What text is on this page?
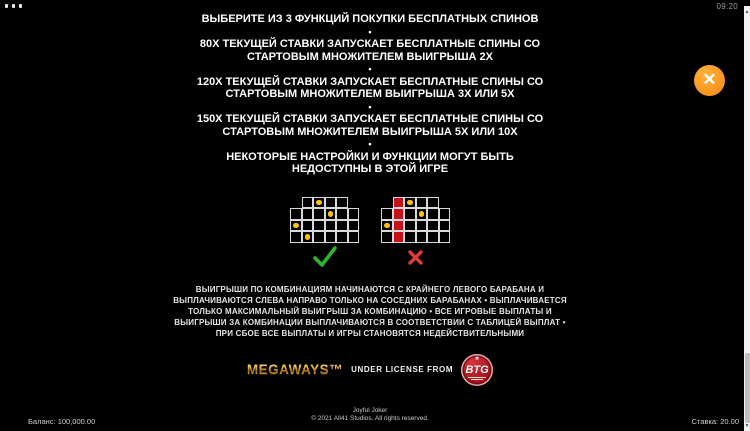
09:20
✕
▲
▼
ВЫБЕРИТЕ ИЗ 3 ФУНКЦИЙ ПОКУПКИ БЕСПЛАТНЫХ СПИНОВ
•
80X ТЕКУЩЕЙ СТАВКИ ЗАПУСКАЕТ БЕСПЛАТНЫЕ СПИНЫ СО
СТАРТОВЫМ МНОЖИТЕЛЕМ ВЫИГРЫША 2X
•
120X ТЕКУЩЕЙ СТАВКИ ЗАПУСКАЕТ БЕСПЛАТНЫЕ СПИНЫ СО
СТАРТОВЫМ МНОЖИТЕЛЕМ ВЫИГРЫША 3X ИЛИ 5X
•
150X ТЕКУЩЕЙ СТАВКИ ЗАПУСКАЕТ БЕСПЛАТНЫЕ СПИНЫ СО
СТАРТОВЫМ МНОЖИТЕЛЕМ ВЫИГРЫША 5X ИЛИ 10X
•
НЕКОТОРЫЕ НАСТРОЙКИ И ФУНКЦИИ МОГУТ БЫТЬ
НЕДОСТУПНЫ В ЭТОЙ ИГРЕ
ВЫИГРЫШИ ПО КОМБИНАЦИЯМ НАЧИНАЮТСЯ С КРАЙНЕГО ЛЕВОГО БАРАБАНА И
ВЫПЛАЧИВАЮТСЯ СЛЕВА НАПРАВО ТОЛЬКО НА СОСЕДНИХ БАРАБАНАХ • ВЫПЛАЧИВАЕТСЯ
ТОЛЬКО МАКСИМАЛЬНЫЙ ВЫИГРЫШ ЗА КОМБИНАЦИЮ • ВСЕ ИГРОВЫЕ ВЫПЛАТЫ И
ВЫИГРЫШИ ЗА КОМБИНАЦИИ ВЫПЛАЧИВАЮТСЯ В СООТВЕТСТВИИ С ТАБЛИЦЕЙ ВЫПЛАТ •
ПРИ СБОЕ ВСЕ ВЫПЛАТЫ И ИГРЫ СТАНОВЯТСЯ НЕДЕЙСТВИТЕЛЬНЫМИ
MEGAWAYS™ UNDER LICENSE FROM
★
BTG
Баланс: 100,000.00
Joyful Joker
© 2021 All41 Studios. All rights reserved.	Ставка: 20.00
